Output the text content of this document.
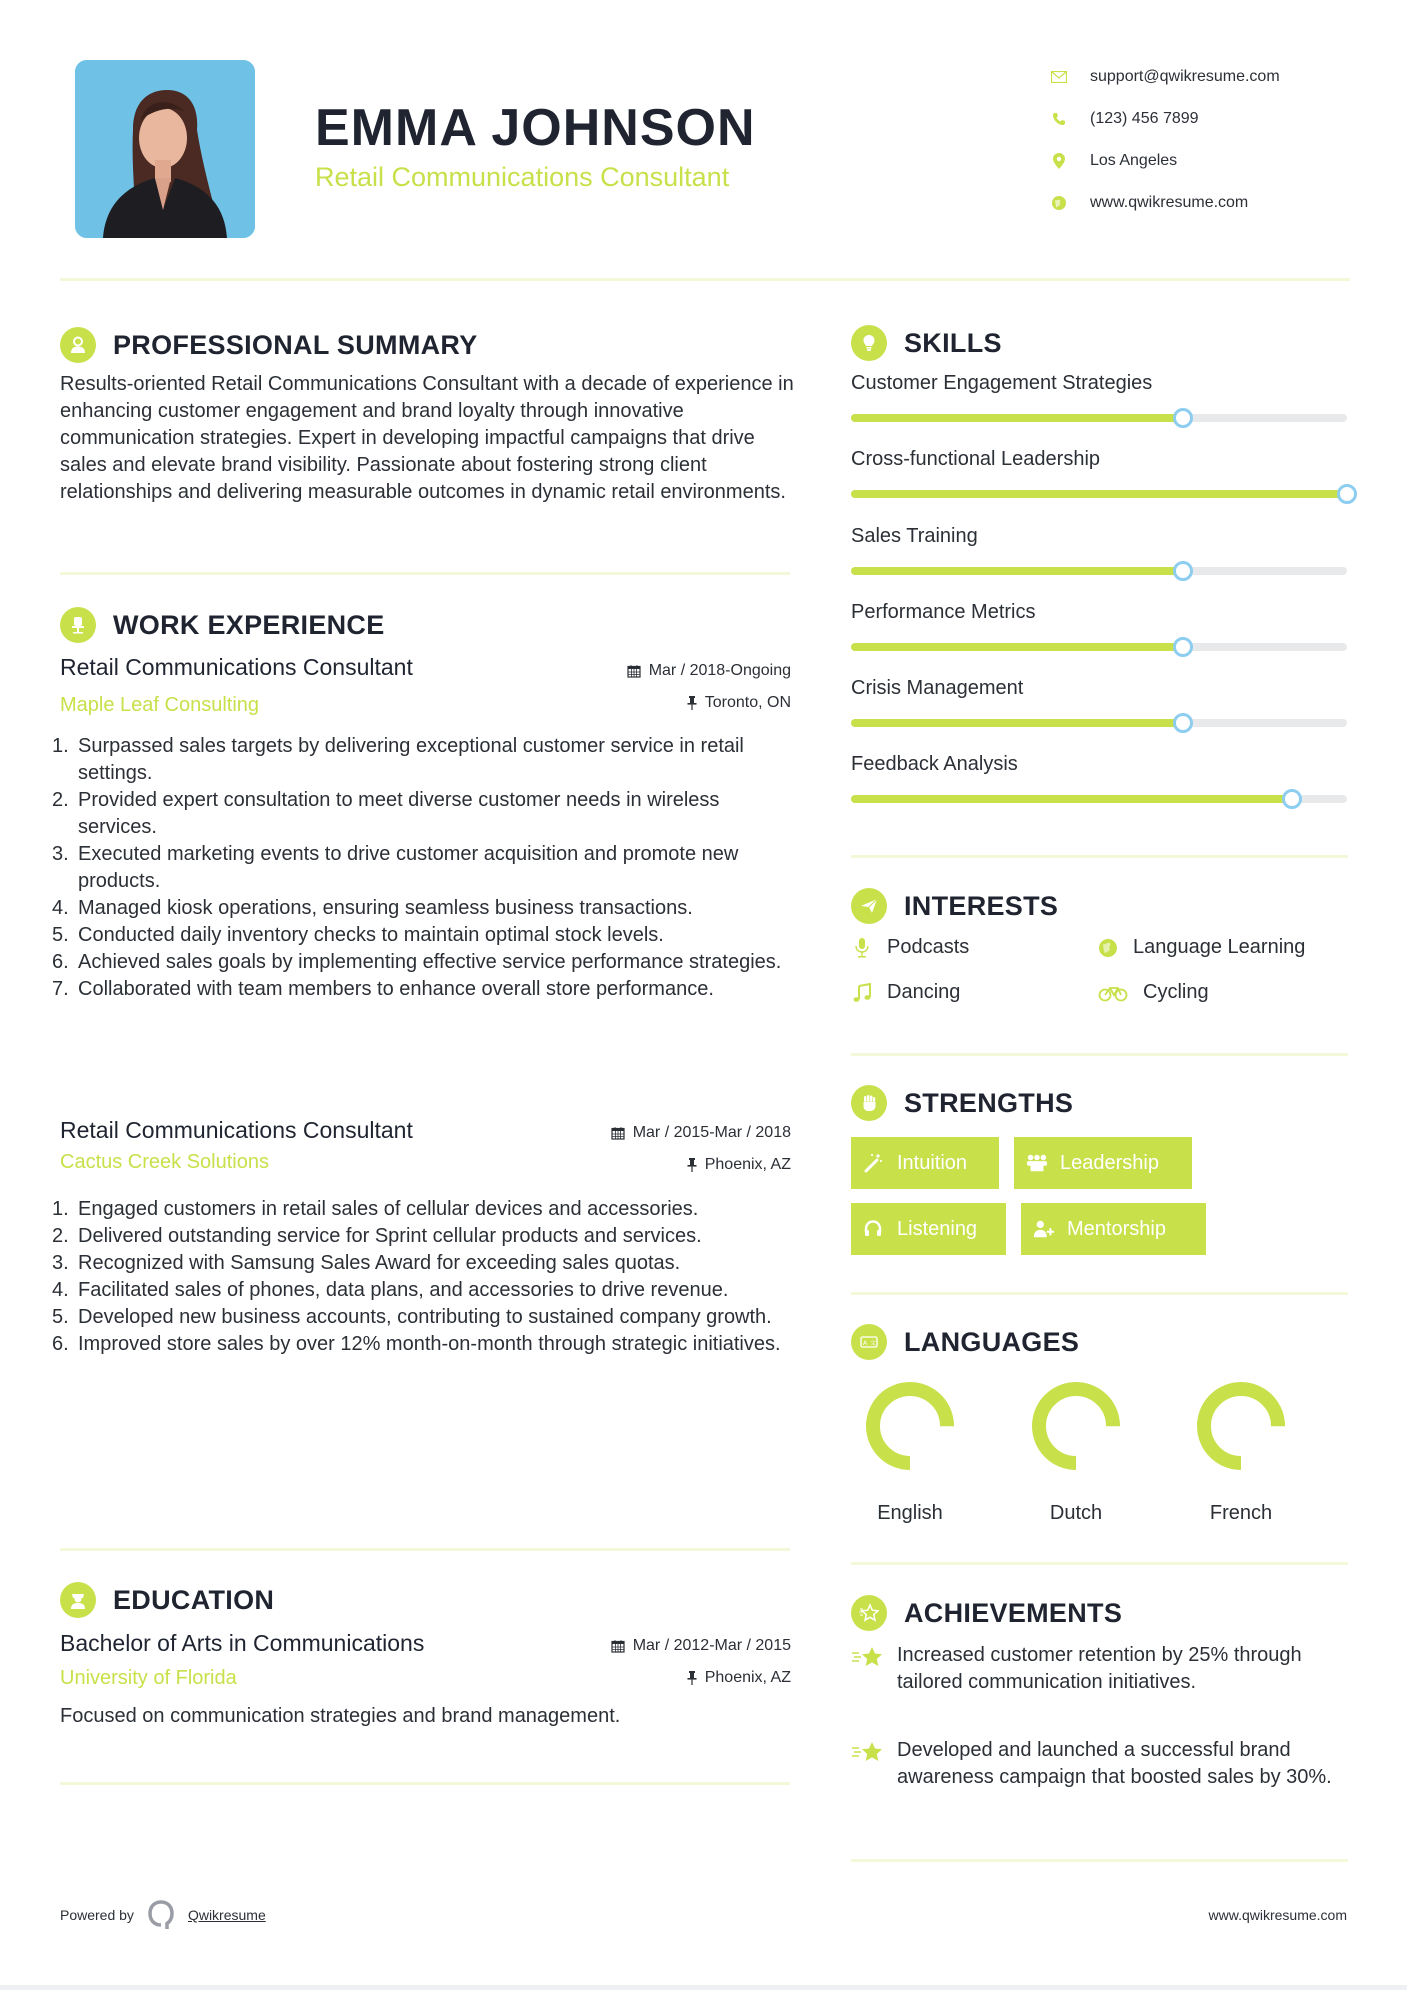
EMMA JOHNSON
Retail Communications Consultant
support@qwikresume.com
(123) 456 7899
Los Angeles
www.qwikresume.com
PROFESSIONAL SUMMARY
Results-oriented Retail Communications Consultant with a decade of experience in enhancing customer engagement and brand loyalty through innovative communication strategies. Expert in developing impactful campaigns that drive sales and elevate brand visibility. Passionate about fostering strong client relationships and delivering measurable outcomes in dynamic retail environments.
WORK EXPERIENCE
Retail Communications Consultant
Maple Leaf Consulting
Mar / 2018-Ongoing
Toronto, ON
1. Surpassed sales targets by delivering exceptional customer service in retail settings.
2. Provided expert consultation to meet diverse customer needs in wireless services.
3. Executed marketing events to drive customer acquisition and promote new products.
4. Managed kiosk operations, ensuring seamless business transactions.
5. Conducted daily inventory checks to maintain optimal stock levels.
6. Achieved sales goals by implementing effective service performance strategies.
7. Collaborated with team members to enhance overall store performance.
Retail Communications Consultant
Cactus Creek Solutions
Mar / 2015-Mar / 2018
Phoenix, AZ
1. Engaged customers in retail sales of cellular devices and accessories.
2. Delivered outstanding service for Sprint cellular products and services.
3. Recognized with Samsung Sales Award for exceeding sales quotas.
4. Facilitated sales of phones, data plans, and accessories to drive revenue.
5. Developed new business accounts, contributing to sustained company growth.
6. Improved store sales by over 12% month-on-month through strategic initiatives.
EDUCATION
Bachelor of Arts in Communications
University of Florida
Mar / 2012-Mar / 2015
Phoenix, AZ
Focused on communication strategies and brand management.
SKILLS
Customer Engagement Strategies
Cross-functional Leadership
Sales Training
Performance Metrics
Crisis Management
Feedback Analysis
INTERESTS
Podcasts	Language Learning
Dancing	Cycling
STRENGTHS
Intuition	Leadership
Listening	Mentorship
A 文 LANGUAGES
English	Dutch	French
ACHIEVEMENTS
Increased customer retention by 25% through tailored communication initiatives.
Developed and launched a successful brand awareness campaign that boosted sales by 30%.
Powered by	Qwikresume	www.qwikresume.com
